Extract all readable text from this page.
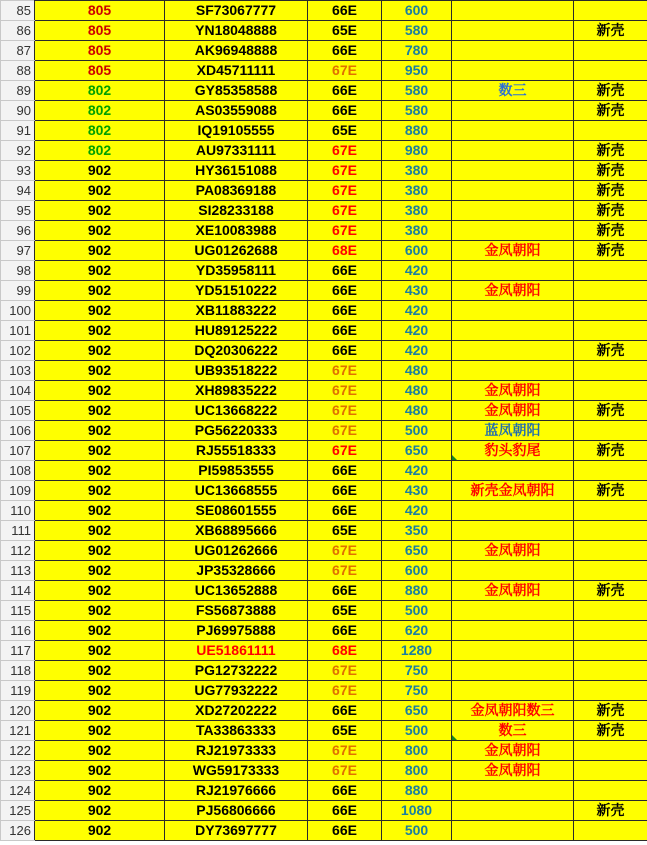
85	805	SF73067777	66E	600		
86	805	YN18048888	65E	580		新壳
87	805	AK96948888	66E	780		
88	805	XD45711111	67E	950		
89	802	GY85358588	66E	580	数三	新壳
90	802	AS03559088	66E	580		新壳
91	802	IQ19105555	65E	880		
92	802	AU97331111	67E	980		新壳
93	902	HY36151088	67E	380		新壳
94	902	PA08369188	67E	380		新壳
95	902	SI28233188	67E	380		新壳
96	902	XE10083988	67E	380		新壳
97	902	UG01262688	68E	600	金凤朝阳	新壳
98	902	YD35958111	66E	420		
99	902	YD51510222	66E	430	金凤朝阳	
100	902	XB11883222	66E	420		
101	902	HU89125222	66E	420		
102	902	DQ20306222	66E	420		新壳
103	902	UB93518222	67E	480		
104	902	XH89835222	67E	480	金凤朝阳	
105	902	UC13668222	67E	480	金凤朝阳	新壳
106	902	PG56220333	67E	500	蓝凤朝阳	
107	902	RJ55518333	67E	650	豹头豹尾	新壳
108	902	PI59853555	66E	420		
109	902	UC13668555	66E	430	新壳金凤朝阳	新壳
110	902	SE08601555	66E	420		
111	902	XB68895666	65E	350		
112	902	UG01262666	67E	650	金凤朝阳	
113	902	JP35328666	67E	600		
114	902	UC13652888	66E	880	金凤朝阳	新壳
115	902	FS56873888	65E	500		
116	902	PJ69975888	66E	620		
117	902	UE51861111	68E	1280		
118	902	PG12732222	67E	750		
119	902	UG77932222	67E	750		
120	902	XD27202222	66E	650	金凤朝阳数三	新壳
121	902	TA33863333	65E	500	数三	新壳
122	902	RJ21973333	67E	800	金凤朝阳	
123	902	WG59173333	67E	800	金凤朝阳	
124	902	RJ21976666	66E	880		
125	902	PJ56806666	66E	1080		新壳
126	902	DY73697777	66E	500		
